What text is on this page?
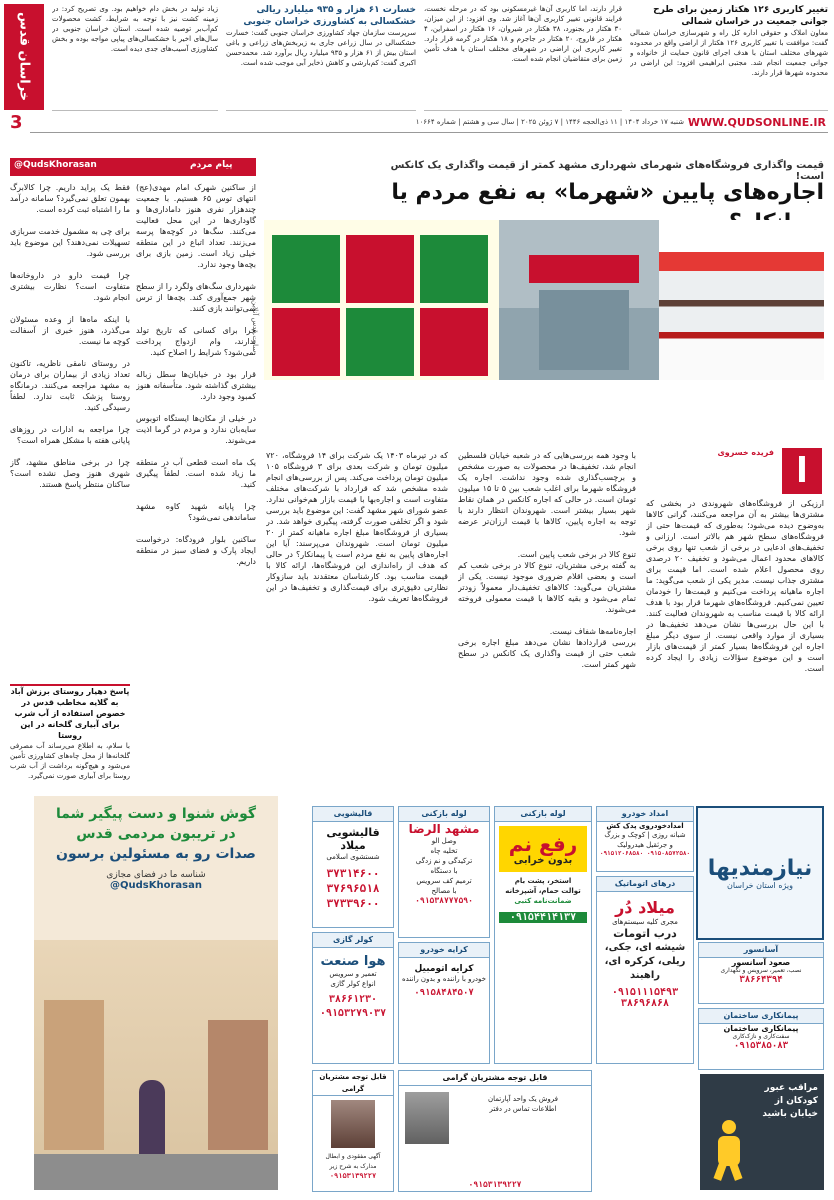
خراسان قدس
3
تغییر کاربری ۱۲۶ هکتار زمین برای طرح جوانی جمعیت در خراسان شمالی
معاون املاک و حقوقی اداره کل راه و شهرسازی خراسان شمالی گفت: موافقت با تغییر کاربری ۱۲۶ هکتار از اراضی واقع در محدوده شهرهای مختلف استان با هدف اجرای قانون حمایت از خانواده و جوانی جمعیت انجام شد. مجتبی ابراهیمی افزود: این اراضی در محدوده شهرها قرار دارند.
قرار دارند، اما کاربری آن‌ها غیرمسکونی بود که در مرحله نخست، فرایند قانونی تغییر کاربری آن‌ها آغاز شد. وی افزود: از این میزان، ۳۰ هکتار در بجنورد، ۳۸ هکتار در شیروان، ۱۶ هکتار در اسفراین، ۴ هکتار در فاروج، ۲۰ هکتار در جاجرم و ۱۸ هکتار در گرمه قرار دارد. تغییر کاربری این اراضی در شهرهای مختلف استان با هدف تأمین زمین برای متقاضیان انجام شده است.
خسارت ۶۱ هزار و ۹۳۵ میلیارد ریالی خشکسالی به کشاورزی خراسان جنوبی
سرپرست سازمان جهاد کشاورزی خراسان جنوبی گفت: خسارت خشکسالی در سال زراعی جاری به زیربخش‌های زراعی و باغی استان بیش از ۶۱ هزار و ۹۳۵ میلیارد ریال برآورد شد. محمدحسن اکبری گفت: کم‌بارشی و کاهش ذخایر آبی موجب شده است.
زیاد تولید در بخش دام خواهیم بود. وی تصریح کرد: در زمینه کشت نیز با توجه به شرایط، کشت محصولات کم‌آب‌بر توصیه شده است. استان خراسان جنوبی در سال‌های اخیر با خشکسالی‌های پیاپی مواجه بوده و بخش کشاورزی آسیب‌های جدی دیده است.
WWW.QUDSONLINE.IR
شنبه ۱۷ خرداد ۱۴۰۴ | ۱۱ ذی‌الحجه ۱۴۴۶ | ۷ ژوئن ۲۰۲۵ | سال سی و هشتم | شماره ۱۰۶۶۴
قیمت واگذاری فروشگاه‌های شهرمای شهرداری مشهد کمتر از قیمت واگذاری یک کانکس است!
اجاره‌های پایین «شهرما» به نفع مردم یا
سایت قدس آنلاین
ا
فریده خسروی
ارزیکی از فروشگاه‌های شهروندی در بخشی که مشتری‌ها بیشتر به آن مراجعه می‌کنند، گرانی کالاها به‌وضوح دیده می‌شود؛ به‌طوری که قیمت‌ها حتی از فروشگاه‌های سطح شهر هم بالاتر است. ارزانی و تخفیف‌های ادعایی در برخی از شعب تنها روی برخی کالاهای محدود اعمال می‌شود و تخفیف ۲۰ درصدی روی محصول اعلام شده است. اما قیمت برای مشتری جذاب نیست. مدیر یکی از شعب می‌گوید: ما اجاره ماهیانه پرداخت می‌کنیم و قیمت‌ها را خودمان تعیین نمی‌کنیم. فروشگاه‌های شهرما قرار بود با هدف ارائه کالا با قیمت مناسب به شهروندان فعالیت کنند. با این حال بررسی‌ها نشان می‌دهد تخفیف‌ها در بسیاری از موارد واقعی نیست. از سوی دیگر مبلغ اجاره این فروشگاه‌ها بسیار کمتر از قیمت‌های بازار است و این موضوع سؤالات زیادی را ایجاد کرده است.
با وجود همه بررسی‌هایی که در شعبه خیابان فلسطین انجام شد، تخفیف‌ها در محصولات به صورت مشخص و برچسب‌گذاری شده وجود نداشت. اجاره یک فروشگاه شهرما برای اغلب شعب بین ۵ تا ۱۵ میلیون تومان است. در حالی که اجاره کانکس در همان نقاط شهر بسیار بیشتر است. شهروندان انتظار دارند با توجه به اجاره پایین، کالاها با قیمت ارزان‌تر عرضه شود.

تنوع کالا در برخی شعب پایین است.
به گفته برخی مشتریان، تنوع کالا در برخی شعب کم است و بعضی اقلام ضروری موجود نیست. یکی از مشتریان می‌گوید: کالاهای تخفیف‌دار معمولاً زودتر تمام می‌شود و بقیه کالاها با قیمت معمولی فروخته می‌شوند.

اجاره‌نامه‌ها شفاف نیست.
بررسی قراردادها نشان می‌دهد مبلغ اجاره برخی شعب حتی از قیمت واگذاری یک کانکس در سطح شهر کمتر است.
که در تیرماه ۱۴۰۳ یک شرکت برای ۱۴ فروشگاه، ۷۲۰ میلیون تومان و شرکت بعدی برای ۳ فروشگاه ۱۰۵ میلیون تومان پرداخت می‌کند. پس از بررسی‌های انجام شده مشخص شد که قرارداد با شرکت‌های مختلف متفاوت است و اجاره‌بها با قیمت بازار هم‌خوانی ندارد. عضو شورای شهر مشهد گفت: این موضوع باید بررسی شود و اگر تخلفی صورت گرفته، پیگیری خواهد شد. در بسیاری از فروشگاه‌ها مبلغ اجاره ماهیانه کمتر از ۲۰ میلیون تومان است. شهروندان می‌پرسند: آیا این اجاره‌های پایین به نفع مردم است یا پیمانکار؟ در حالی که هدف از راه‌اندازی این فروشگاه‌ها، ارائه کالا با قیمت مناسب بود. کارشناسان معتقدند باید سازوکار نظارتی دقیق‌تری برای قیمت‌گذاری و تخفیف‌ها در این فروشگاه‌ها تعریف شود.
پیام مردم
@QudsKhorasan
از ساکنین شهرک امام مهدی(عج) انتهای توس ۶۵ هستیم. با جمعیت چندهزار نفری هنوز داماداری‌ها و گاوداری‌ها در این محل فعالیت می‌کنند. سگ‌ها در کوچه‌ها پرسه می‌زنند. تعداد اتباع در این منطقه خیلی زیاد است. زمین بازی برای بچه‌ها وجود ندارد.

شهرداری سگ‌های ولگرد را از سطح شهر جمع‌آوری کند. بچه‌ها از ترس نمی‌توانند بازی کنند.

چرا برای کسانی که تاریخ تولد ندارند، وام ازدواج پرداخت نمی‌شود؟ شرایط را اصلاح کنید.

قرار بود در خیابان‌ها سطل زباله بیشتری گذاشته شود. متأسفانه هنوز کمبود وجود دارد.

در خیلی از مکان‌ها ایستگاه اتوبوس سایه‌بان ندارد و مردم در گرما اذیت می‌شوند.

یک ماه است قطعی آب در منطقه ما زیاد شده است. لطفاً پیگیری کنید.

چرا پایانه شهید کاوه مشهد ساماندهی نمی‌شود؟

ساکنین بلوار فرودگاه: درخواست ایجاد پارک و فضای سبز در منطقه داریم.
فقط یک پراید داریم. چرا کالابرگ بهمون تعلق نمی‌گیرد؟ سامانه درآمد ما را اشتباه ثبت کرده است.

برای چی به مشمول خدمت سربازی تسهیلات نمی‌دهند؟ این موضوع باید بررسی شود.

چرا قیمت دارو در داروخانه‌ها متفاوت است؟ نظارت بیشتری انجام شود.

با اینکه ماه‌ها از وعده مسئولان می‌گذرد، هنوز خبری از آسفالت کوچه ما نیست.

در روستای نامقی ناظریه، تاکنون تعداد زیادی از بیماران برای درمان به مشهد مراجعه می‌کنند. درمانگاه روستا پزشک ثابت ندارد. لطفاً رسیدگی کنید.

چرا مراجعه به ادارات در روزهای پایانی هفته با مشکل همراه است؟

چرا در برخی مناطق مشهد، گاز شهری هنوز وصل نشده است؟ ساکنان منتظر پاسخ هستند.
پاسخ دهیار روستای برزش آباد به گلایه مخاطب قدس در خصوص استفاده از آب شرب برای آبیاری گلخانه در این روستا
با سلام، به اطلاع می‌رساند آب مصرفی گلخانه‌ها از محل چاه‌های کشاورزی تأمین می‌شود و هیچ‌گونه برداشت از آب شرب روستا برای آبیاری صورت نمی‌گیرد.
گوش شنوا و دست پیگیر شما
در تریبون مردمی قدس
صدات رو به مسئولین برسون
شناسه ما در فضای مجازی
@QudsKhorasan
نیازمندیها
ویژه استان خراسان
امداد خودرو
امدادخودروی پدک کش
شبانه روزی | کوچک و بزرگ
و جرثقیل هیدرولیک
۰۹۱۵۰۸۵۷۲۵۸۰ ۰۹۱۵۱۲۰۶۸۵۸۰
درهای اتوماتیک
میلاد دُر
مجری کلیه سیستم‌های
درب اتومات
شیشه ای، جکی،
ریلی، کرکره ای، راهبند
۰۹۱۵۱۱۱۵۴۹۳ ۳۸۶۹۶۸۶۸
لوله بازکنی
رفع نم
بدون خرابی
استخر، پشت بام
توالت حمام، آشپزخانه
ضمانت‌نامه کتبی
۰۹۱۵۴۴۱۴۱۳۷
لوله بازکنی
مشهد الرضا
وصل الو
تخلیه چاه
ترکیدگی و نم زدگی
با دستگاه
ترمیم کف سرویس
با مصالح
۰۹۱۵۳۸۷۷۷۵۹۰
قالیشویی
قالیشویی میلاد
شستشوی اسلامی
۳۷۳۱۴۶۰۰ ۳۷۶۹۶۵۱۸ ۳۷۳۳۹۶۰۰
کولر گازی
هوا صنعت
تعمیر و سرویس
انواع کولر گازی
۳۸۶۶۱۲۳۰ ۰۹۱۵۳۲۷۹۰۳۷
کرایه خودرو
کرایه اتومبیل
خودرو با راننده و بدون راننده
۰۹۱۵۸۴۸۴۵۰۷
آسانسور
صعود آسانسور
نصب، تعمیر، سرویس و نگهداری
۳۸۶۶۴۳۹۴
پیمانکاری ساختمان
پیمانکاری ساختمان
سفت‌کاری و نازک‌کاری
۰۹۱۵۳۸۵۰۸۳
قابل توجه مشتریان گرامی
فروش یک واحد آپارتمان
اطلاعات تماس در دفتر
۰۹۱۵۳۱۳۹۲۲۷
قابل توجه مشتریان گرامی
آگهی مفقودی و ابطال
مدارک به شرح زیر
۰۹۱۵۳۱۳۹۲۲۷
مراقب عبور کودکان از خیابان باشید
